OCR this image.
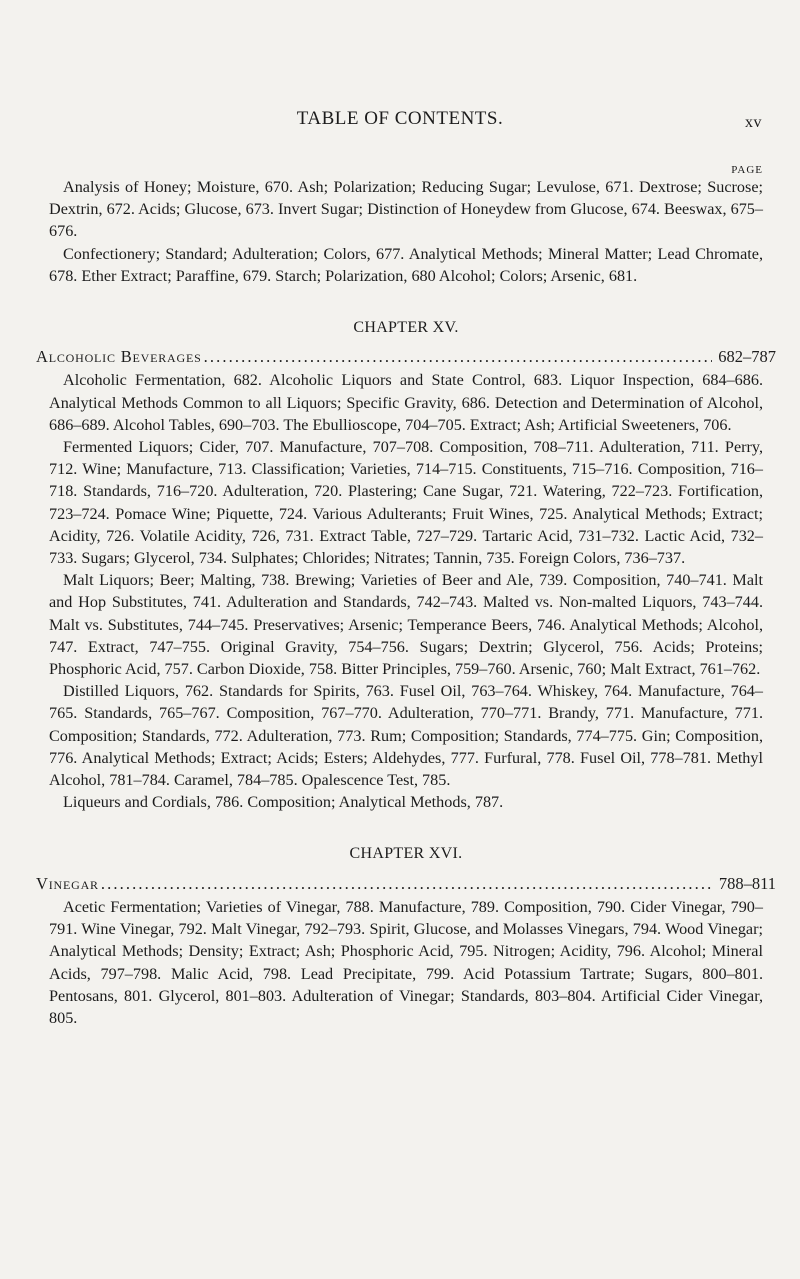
TABLE OF CONTENTS.	xv
PAGE

Analysis of Honey; Moisture, 670. Ash; Polarization; Reducing Sugar; Levulose, 671. Dextrose; Sucrose; Dextrin, 672. Acids; Glucose, 673. Invert Sugar; Distinction of Honeydew from Glucose, 674. Beeswax, 675–676.

Confectionery; Standard; Adulteration; Colors, 677. Analytical Methods; Mineral Matter; Lead Chromate, 678. Ether Extract; Paraffine, 679. Starch; Polarization, 680 Alcohol; Colors; Arsenic, 681.

CHAPTER XV.
Alcoholic Beverages . . .	682–787

Alcoholic Fermentation, 682. Alcoholic Liquors and State Control, 683. Liquor Inspection, 684–686. Analytical Methods Common to all Liquors; Specific Gravity, 686. Detection and Determination of Alcohol, 686–689. Alcohol Tables, 690–703. The Ebullioscope, 704–705. Extract; Ash; Artificial Sweeteners, 706.

Fermented Liquors; Cider, 707. Manufacture, 707–708. Composition, 708–711. Adulteration, 711. Perry, 712. Wine; Manufacture, 713. Classification; Varieties, 714–715. Constituents, 715–716. Composition, 716–718. Standards, 716–720. Adulteration, 720. Plastering; Cane Sugar, 721. Watering, 722–723. Fortification, 723–724. Pomace Wine; Piquette, 724. Various Adulterants; Fruit Wines, 725. Analytical Methods; Extract; Acidity, 726. Volatile Acidity, 726, 731. Extract Table, 727–729. Tartaric Acid, 731–732. Lactic Acid, 732–733. Sugars; Glycerol, 734. Sulphates; Chlorides; Nitrates; Tannin, 735. Foreign Colors, 736–737.

Malt Liquors; Beer; Malting, 738. Brewing; Varieties of Beer and Ale, 739. Composition, 740–741. Malt and Hop Substitutes, 741. Adulteration and Standards, 742–743. Malted vs. Non-malted Liquors, 743–744. Malt vs. Substitutes, 744–745. Preservatives; Arsenic; Temperance Beers, 746. Analytical Methods; Alcohol, 747. Extract, 747–755. Original Gravity, 754–756. Sugars; Dextrin; Glycerol, 756. Acids; Proteins; Phosphoric Acid, 757. Carbon Dioxide, 758. Bitter Principles, 759–760. Arsenic, 760; Malt Extract, 761–762.

Distilled Liquors, 762. Standards for Spirits, 763. Fusel Oil, 763–764. Whiskey, 764. Manufacture, 764–765. Standards, 765–767. Composition, 767–770. Adulteration, 770–771. Brandy, 771. Manufacture, 771. Composition; Standards, 772. Adulteration, 773. Rum; Composition; Standards, 774–775. Gin; Composition, 776. Analytical Methods; Extract; Acids; Esters; Aldehydes, 777. Furfural, 778. Fusel Oil, 778–781. Methyl Alcohol, 781–784. Caramel, 784–785. Opalescence Test, 785.

Liqueurs and Cordials, 786. Composition; Analytical Methods, 787.

CHAPTER XVI.
Vinegar . . .	788–811

Acetic Fermentation; Varieties of Vinegar, 788. Manufacture, 789. Composition, 790. Cider Vinegar, 790–791. Wine Vinegar, 792. Malt Vinegar, 792–793. Spirit, Glucose, and Molasses Vinegars, 794. Wood Vinegar; Analytical Methods; Density; Extract; Ash; Phosphoric Acid, 795. Nitrogen; Acidity, 796. Alcohol; Mineral Acids, 797–798. Malic Acid, 798. Lead Precipitate, 799. Acid Potassium Tartrate; Sugars, 800–801. Pentosans, 801. Glycerol, 801–803. Adulteration of Vinegar; Standards, 803–804. Artificial Cider Vinegar, 805.
